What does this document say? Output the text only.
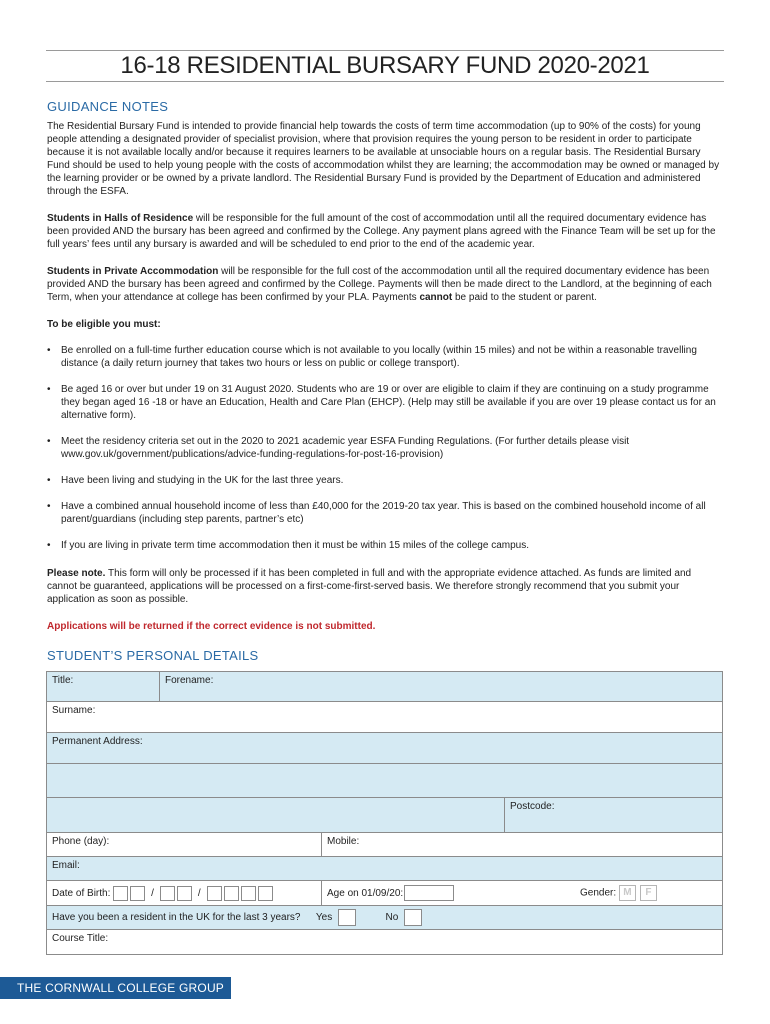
16-18 RESIDENTIAL BURSARY FUND 2020-2021
GUIDANCE NOTES

The Residential Bursary Fund is intended to provide financial help towards the costs of term time accommodation (up to 90% of the costs) for young people attending a designated provider of specialist provision, where that provision requires the young person to be resident in order to participate because it is not available locally and/or because it requires learners to be available at unsociable hours on a regular basis. The Residential Bursary Fund should be used to help young people with the costs of accommodation whilst they are learning; the accommodation may be owned or managed by the learning provider or be owned by a private landlord. The Residential Bursary Fund is provided by the Department of Education and administered through the ESFA.

Students in Halls of Residence will be responsible for the full amount of the cost of accommodation until all the required documentary evidence has been provided AND the bursary has been agreed and confirmed by the College. Any payment plans agreed with the Finance Team will be set up for the full years’ fees until any bursary is awarded and will be scheduled to end prior to the end of the academic year.

Students in Private Accommodation will be responsible for the full cost of the accommodation until all the required documentary evidence has been provided AND the bursary has been agreed and confirmed by the College. Payments will then be made direct to the Landlord, at the beginning of each Term, when your attendance at college has been confirmed by your PLA. Payments cannot be paid to the student or parent.

To be eligible you must:

• Be enrolled on a full-time further education course which is not available to you locally (within 15 miles) and not be within a reasonable travelling distance (a daily return journey that takes two hours or less on public or college transport).
• Be aged 16 or over but under 19 on 31 August 2020. Students who are 19 or over are eligible to claim if they are continuing on a study programme they began aged 16 -18 or have an Education, Health and Care Plan (EHCP). (Help may still be available if you are over 19 please contact us for an alternative form).
• Meet the residency criteria set out in the 2020 to 2021 academic year ESFA Funding Regulations. (For further details please visit www.gov.uk/government/publications/advice-funding-regulations-for-post-16-provision)
• Have been living and studying in the UK for the last three years.
• Have a combined annual household income of less than £40,000 for the 2019-20 tax year. This is based on the combined household income of all parent/guardians (including step parents, partner’s etc)
• If you are living in private term time accommodation then it must be within 15 miles of the college campus.

Please note. This form will only be processed if it has been completed in full and with the appropriate evidence attached. As funds are limited and cannot be guaranteed, applications will be processed on a first-come-first-served basis. We therefore strongly recommend that you submit your application as soon as possible.

Applications will be returned if the correct evidence is not submitted.

STUDENT’S PERSONAL DETAILS
Title:	Forename:
Surname:
Permanent Address:
Postcode:
Phone (day):	Mobile:
Email:
Date of Birth:	/	/	Age on 01/09/20:	Gender: M F
Have you been a resident in the UK for the last 3 years? Yes	No
Course Title:
THE CORNWALL COLLEGE GROUP
